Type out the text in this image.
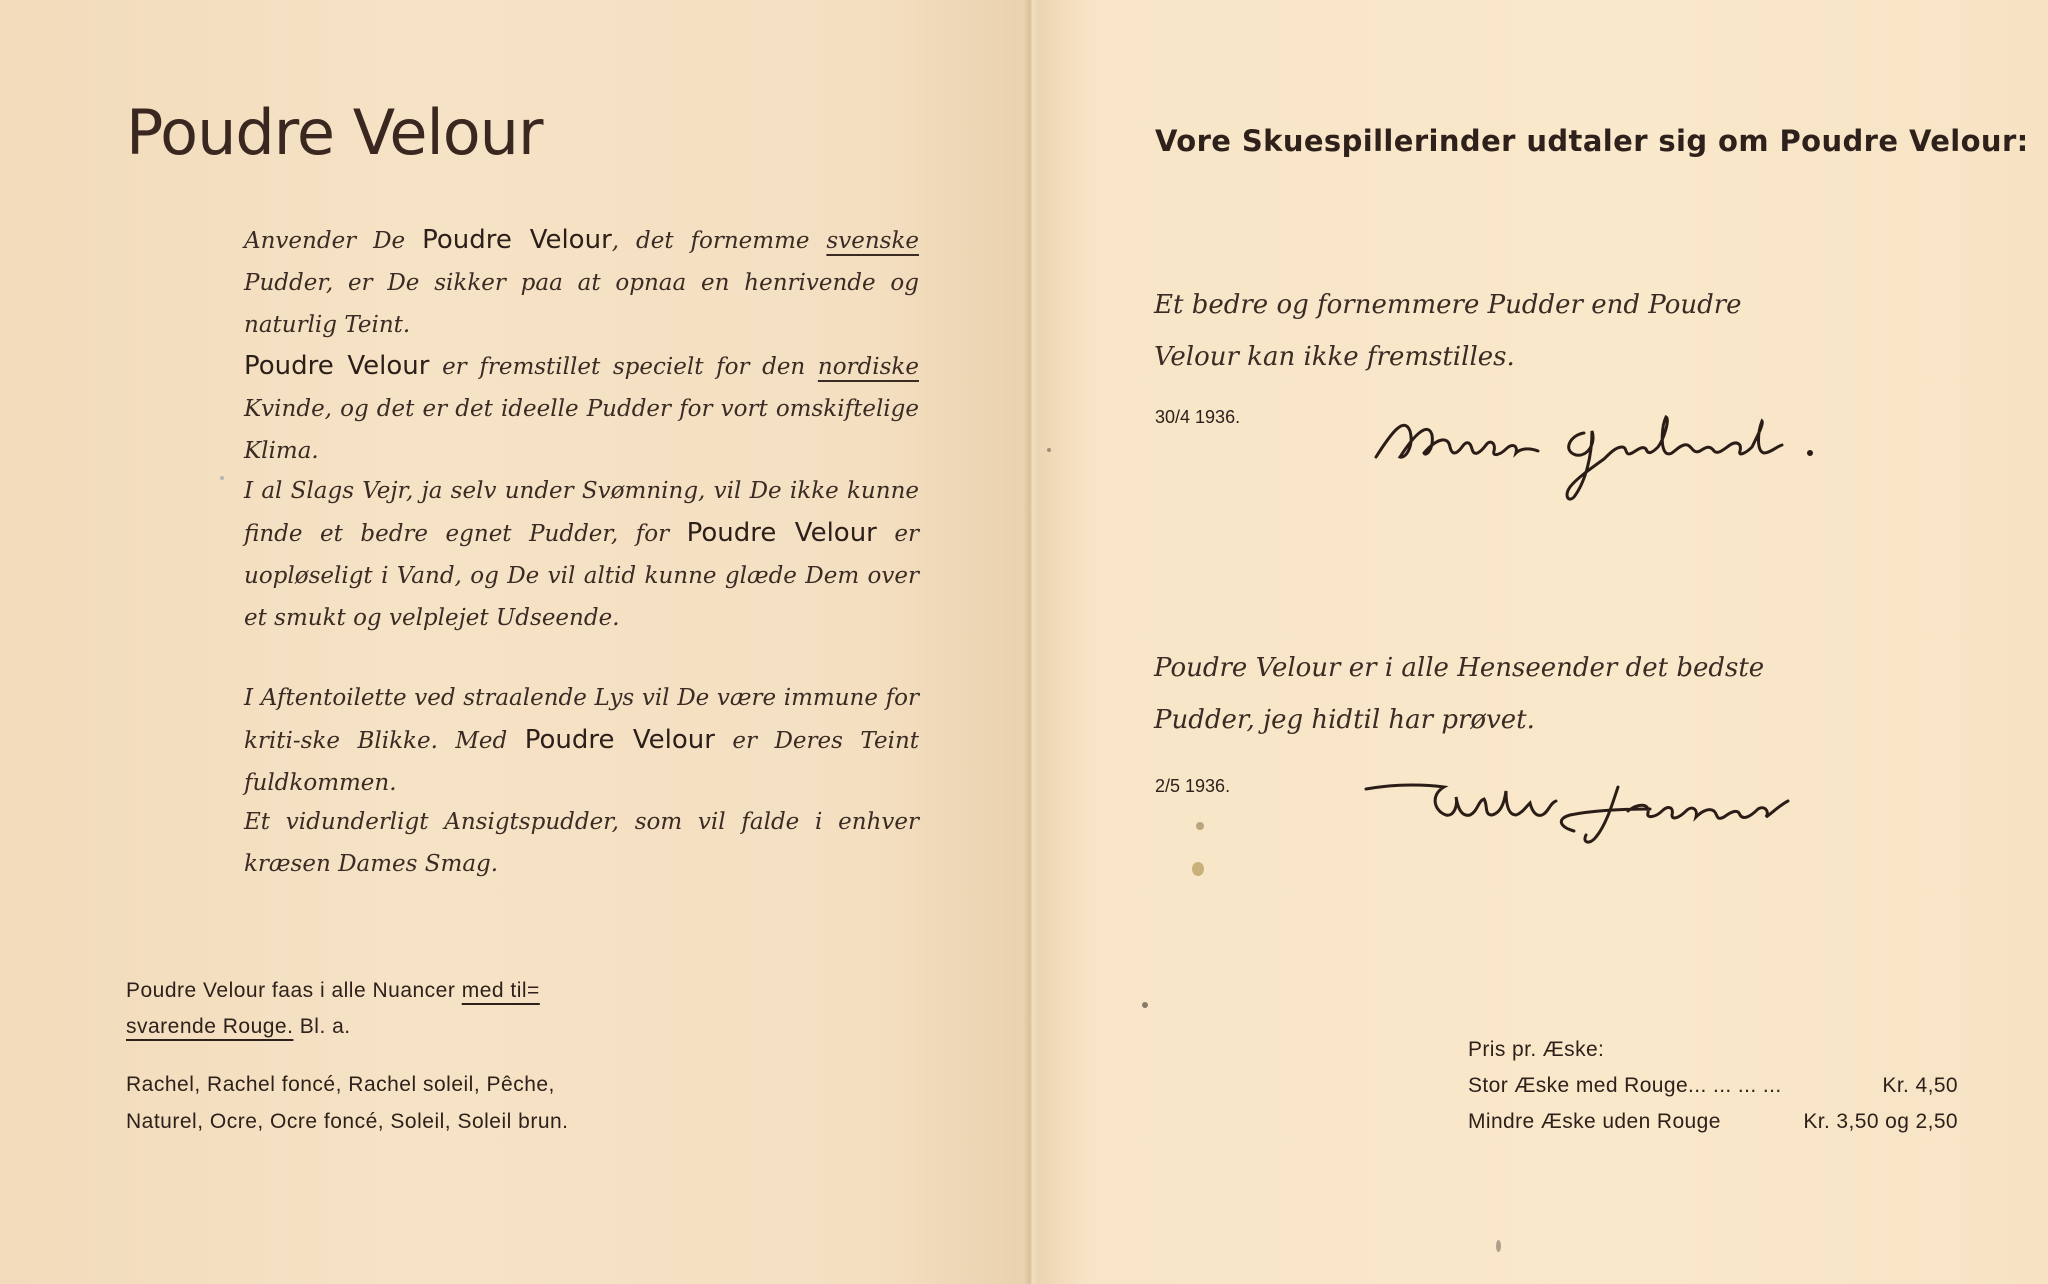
Poudre Velour

Anvender De Poudre Velour, det fornemme svenske Pudder, er De sikker paa at opnaa en henrivende og naturlig Teint.

Poudre Velour er fremstillet specielt for den nordiske Kvinde, og det er det ideelle Pudder for vort omskiftelige Klima.

I al Slags Vejr, ja selv under Svømning, vil De ikke kunne finde et bedre egnet Pudder, for Poudre Velour er uopløseligt i Vand, og De vil altid kunne glæde Dem over et smukt og velplejet Udseende.

I Aftentoilette ved straalende Lys vil De være immune for kriti-ske Blikke. Med Poudre Velour er Deres Teint fuldkommen.

Et vidunderligt Ansigtspudder, som vil falde i enhver kræsen Dames Smag.

Poudre Velour faas i alle Nuancer med til=
svarende Rouge. Bl. a.

Rachel, Rachel foncé, Rachel soleil, Pêche,
Naturel, Ocre, Ocre foncé, Soleil, Soleil brun.

Vore Skuespillerinder udtaler sig om Poudre Velour:

Et bedre og fornemmere Pudder end Poudre Velour kan ikke fremstilles.

30/4 1936.

Poudre Velour er i alle Henseender det bedste Pudder, jeg hidtil har prøvet.

2/5 1936.

Pris pr. Æske:
Stor Æske med Rouge... ... ... ...	Kr. 4,50
Mindre Æske uden Rouge	Kr. 3,50 og 2,50
